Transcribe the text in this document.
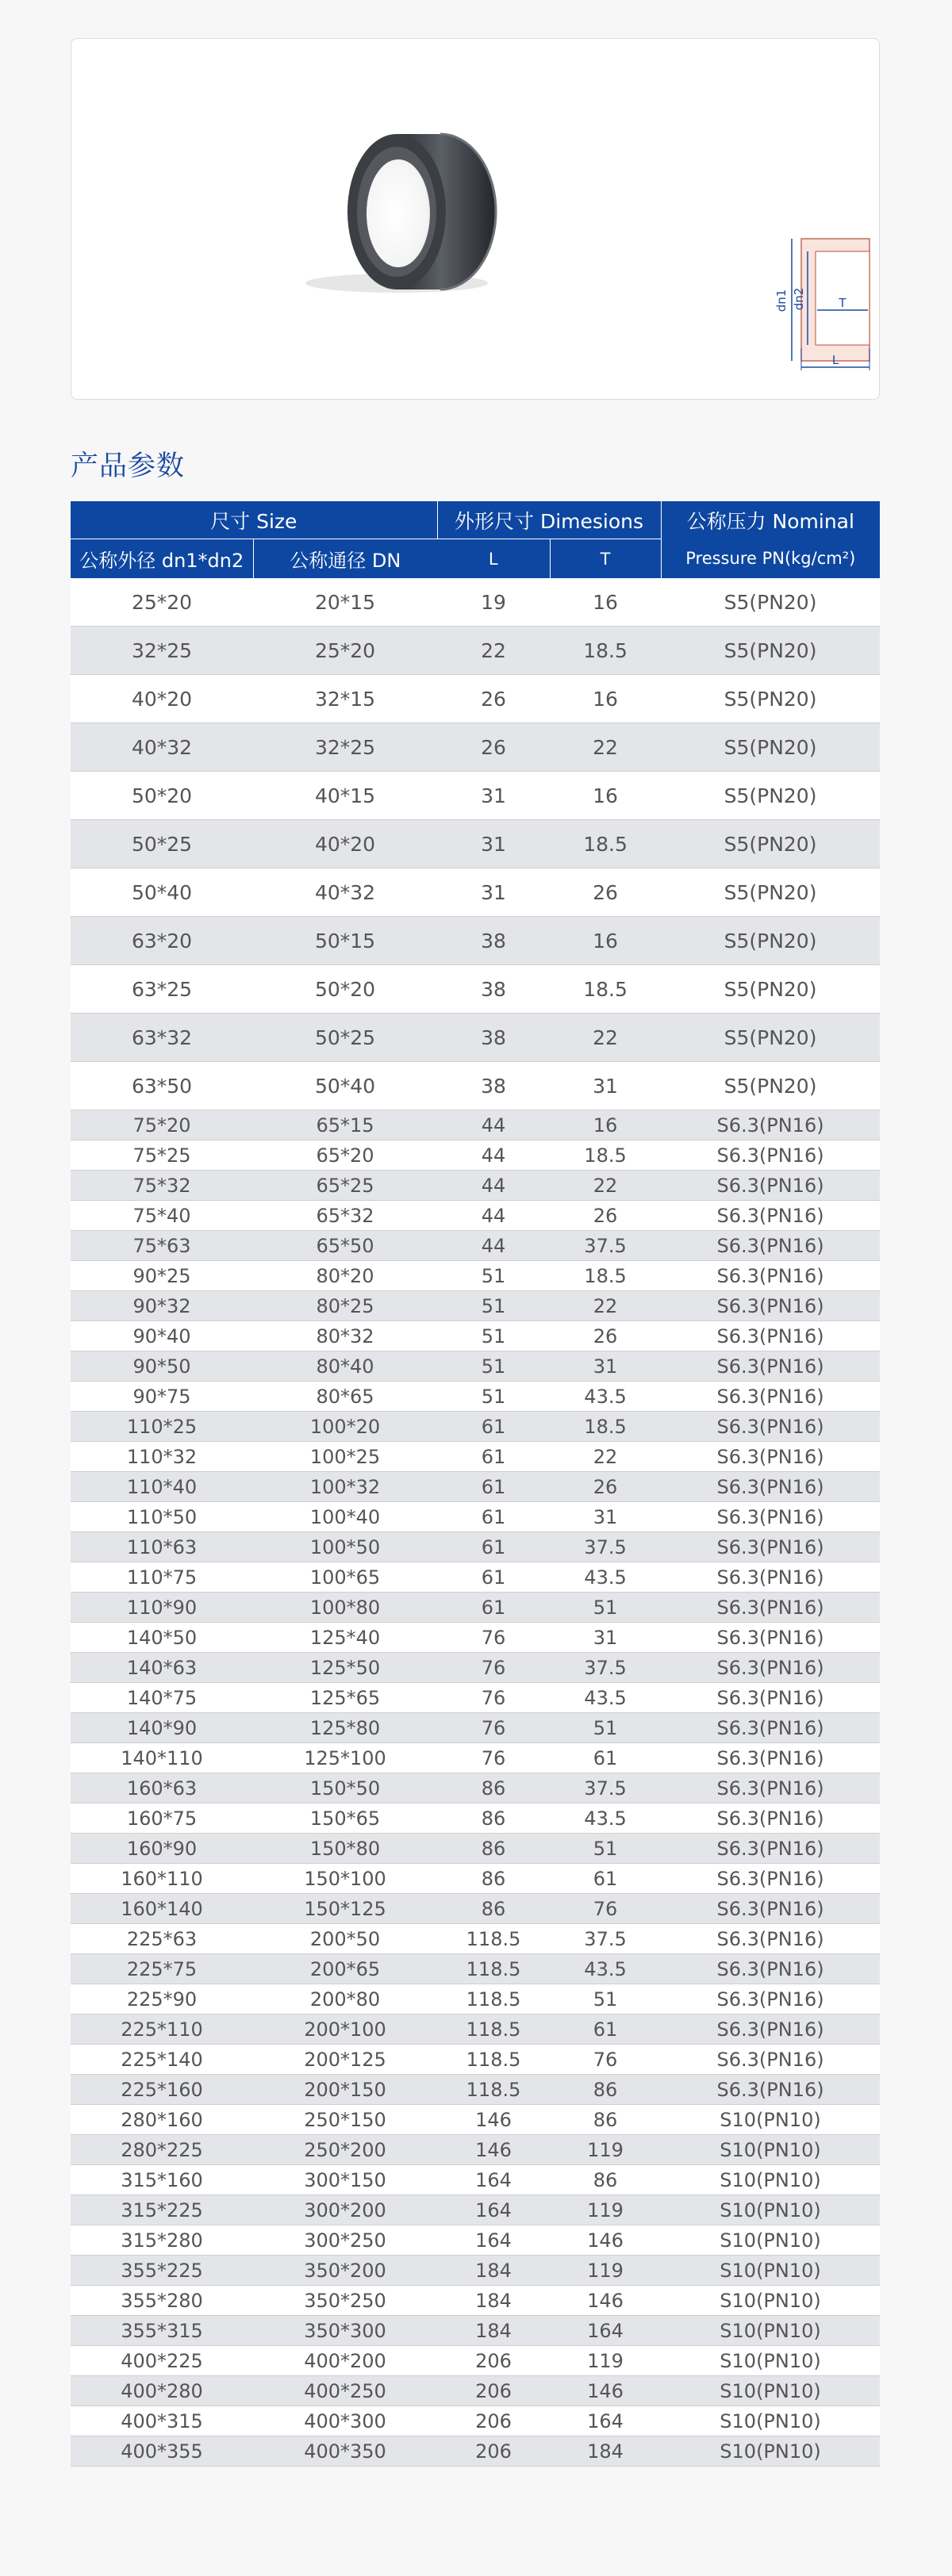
dn1 dn2	T
L
产品参数
尺寸 Size		外形尺寸 Dimesions		公称压力 Nominal
公称外径 dn1*dn2	公称通径 DN	L	T	Pressure PN(kg/cm²)
25*20	20*15	19	16	S5(PN20)
32*25	25*20	22	18.5	S5(PN20)
40*20	32*15	26	16	S5(PN20)
40*32	32*25	26	22	S5(PN20)
50*20	40*15	31	16	S5(PN20)
50*25	40*20	31	18.5	S5(PN20)
50*40	40*32	31	26	S5(PN20)
63*20	50*15	38	16	S5(PN20)
63*25	50*20	38	18.5	S5(PN20)
63*32	50*25	38	22	S5(PN20)
63*50	50*40	38	31	S5(PN20)
75*20	65*15	44	16	S6.3(PN16)
75*25	65*20	44	18.5	S6.3(PN16)
75*32	65*25	44	22	S6.3(PN16)
75*40	65*32	44	26	S6.3(PN16)
75*63	65*50	44	37.5	S6.3(PN16)
90*25	80*20	51	18.5	S6.3(PN16)
90*32	80*25	51	22	S6.3(PN16)
90*40	80*32	51	26	S6.3(PN16)
90*50	80*40	51	31	S6.3(PN16)
90*75	80*65	51	43.5	S6.3(PN16)
110*25	100*20	61	18.5	S6.3(PN16)
110*32	100*25	61	22	S6.3(PN16)
110*40	100*32	61	26	S6.3(PN16)
110*50	100*40	61	31	S6.3(PN16)
110*63	100*50	61	37.5	S6.3(PN16)
110*75	100*65	61	43.5	S6.3(PN16)
110*90	100*80	61	51	S6.3(PN16)
140*50	125*40	76	31	S6.3(PN16)
140*63	125*50	76	37.5	S6.3(PN16)
140*75	125*65	76	43.5	S6.3(PN16)
140*90	125*80	76	51	S6.3(PN16)
140*110	125*100	76	61	S6.3(PN16)
160*63	150*50	86	37.5	S6.3(PN16)
160*75	150*65	86	43.5	S6.3(PN16)
160*90	150*80	86	51	S6.3(PN16)
160*110	150*100	86	61	S6.3(PN16)
160*140	150*125	86	76	S6.3(PN16)
225*63	200*50	118.5	37.5	S6.3(PN16)
225*75	200*65	118.5	43.5	S6.3(PN16)
225*90	200*80	118.5	51	S6.3(PN16)
225*110	200*100	118.5	61	S6.3(PN16)
225*140	200*125	118.5	76	S6.3(PN16)
225*160	200*150	118.5	86	S6.3(PN16)
280*160	250*150	146	86	S10(PN10)
280*225	250*200	146	119	S10(PN10)
315*160	300*150	164	86	S10(PN10)
315*225	300*200	164	119	S10(PN10)
315*280	300*250	164	146	S10(PN10)
355*225	350*200	184	119	S10(PN10)
355*280	350*250	184	146	S10(PN10)
355*315	350*300	184	164	S10(PN10)
400*225	400*200	206	119	S10(PN10)
400*280	400*250	206	146	S10(PN10)
400*315	400*300	206	164	S10(PN10)
400*355	400*350	206	184	S10(PN10)
